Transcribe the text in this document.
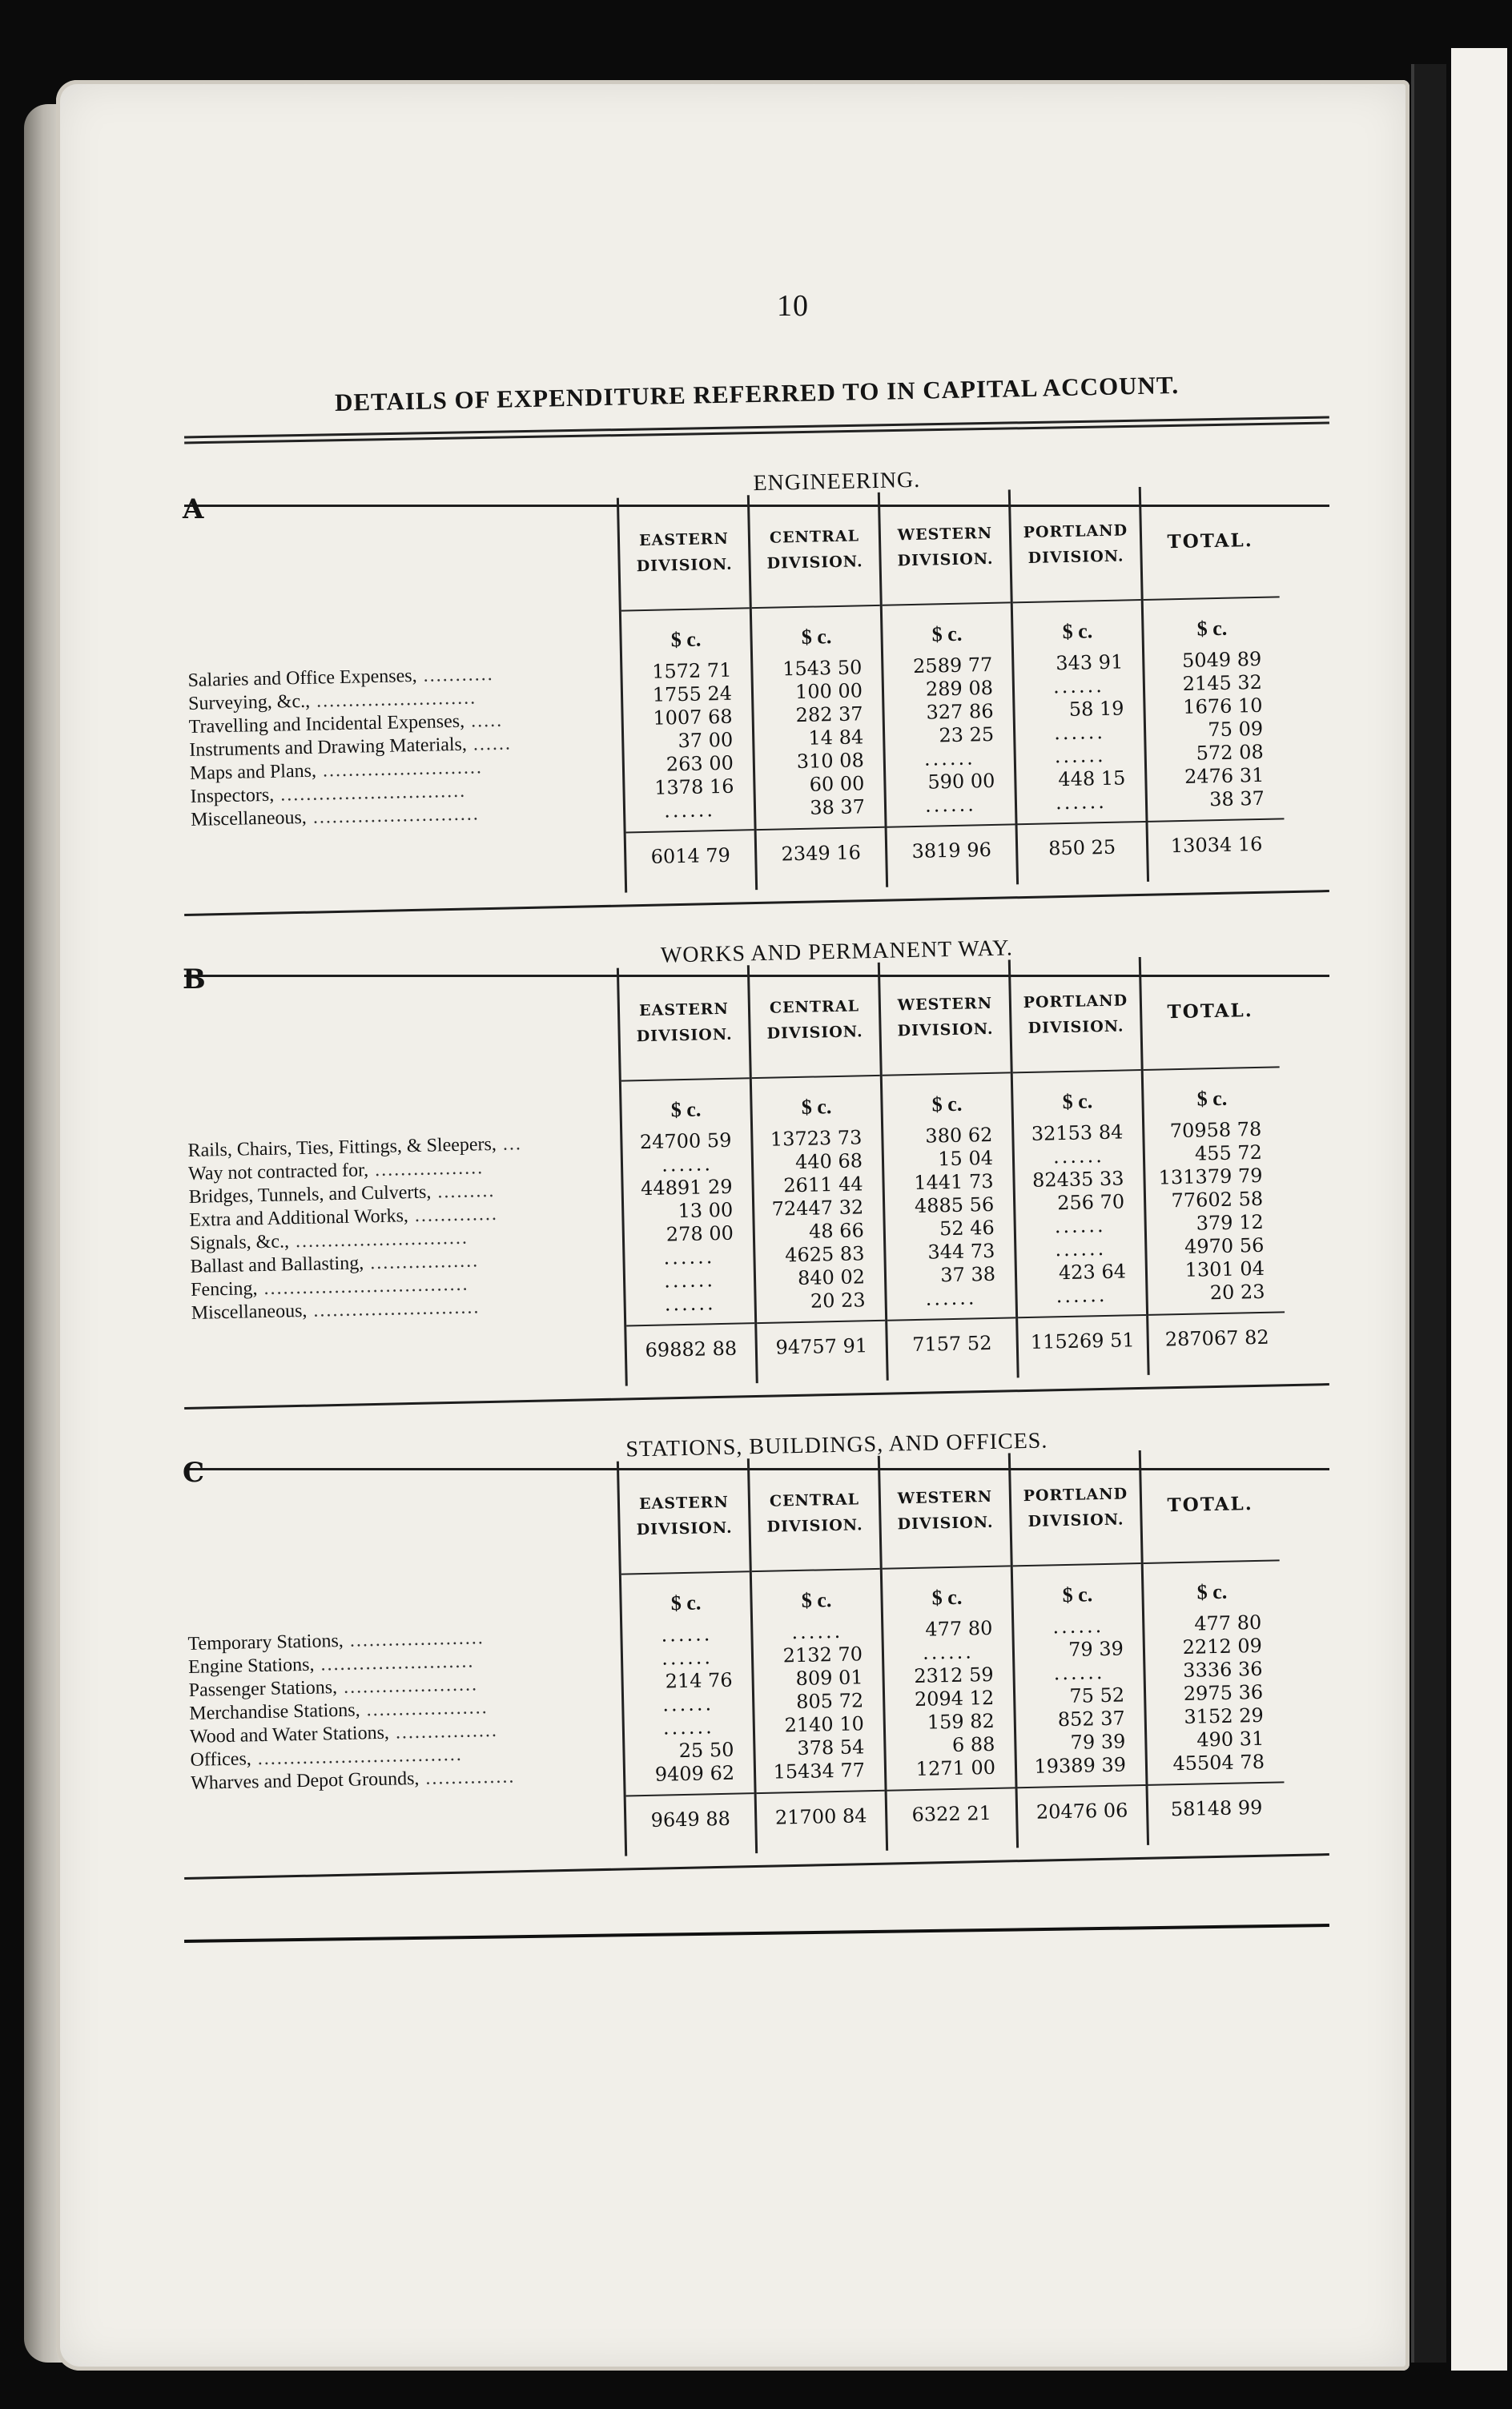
10
DETAILS OF EXPENDITURE REFERRED TO IN CAPITAL ACCOUNT.
A
ENGINEERING.
Salaries and Office Expenses, ...........
Surveying, &c., .........................
Travelling and Incidental Expenses, .....
Instruments and Drawing Materials, ......
Maps and Plans, .........................
Inspectors, .............................
Miscellaneous, ..........................
EASTERN DIVISION.
$ c.
1572 71
1755 24
1007 68
37 00
263 00
1378 16
......
6014 79
CENTRAL DIVISION.
$ c.
1543 50
100 00
282 37
14 84
310 08
60 00
38 37
2349 16
WESTERN DIVISION.
$ c.
2589 77
289 08
327 86
23 25
......
590 00
......
3819 96
PORTLAND DIVISION.
$ c.
343 91
......
58 19
......
......
448 15
......
850 25
TOTAL.
$ c.
5049 89
2145 32
1676 10
75 09
572 08
2476 31
38 37
13034 16
B
WORKS AND PERMANENT WAY.
Rails, Chairs, Ties, Fittings, & Sleepers, ...
Way not contracted for, .................
Bridges, Tunnels, and Culverts, .........
Extra and Additional Works, .............
Signals, &c., ...........................
Ballast and Ballasting, .................
Fencing, ................................
Miscellaneous, ..........................
EASTERN DIVISION.
$ c.
24700 59
......
44891 29
13 00
278 00
......
......
......
69882 88
CENTRAL DIVISION.
$ c.
13723 73
440 68
2611 44
72447 32
48 66
4625 83
840 02
20 23
94757 91
WESTERN DIVISION.
$ c.
380 62
15 04
1441 73
4885 56
52 46
344 73
37 38
......
7157 52
PORTLAND DIVISION.
$ c.
32153 84
......
82435 33
256 70
......
......
423 64
......
115269 51
TOTAL.
$ c.
70958 78
455 72
131379 79
77602 58
379 12
4970 56
1301 04
20 23
287067 82
C
STATIONS, BUILDINGS, AND OFFICES.
Temporary Stations, .....................
Engine Stations, ........................
Passenger Stations, .....................
Merchandise Stations, ...................
Wood and Water Stations, ................
Offices, ................................
Wharves and Depot Grounds, ..............
EASTERN DIVISION.
$ c.
......
......
214 76
......
......
25 50
9409 62
9649 88
CENTRAL DIVISION.
$ c.
......
2132 70
809 01
805 72
2140 10
378 54
15434 77
21700 84
WESTERN DIVISION.
$ c.
477 80
......
2312 59
2094 12
159 82
6 88
1271 00
6322 21
PORTLAND DIVISION.
$ c.
......
79 39
......
75 52
852 37
79 39
19389 39
20476 06
TOTAL.
$ c.
477 80
2212 09
3336 36
2975 36
3152 29
490 31
45504 78
58148 99
